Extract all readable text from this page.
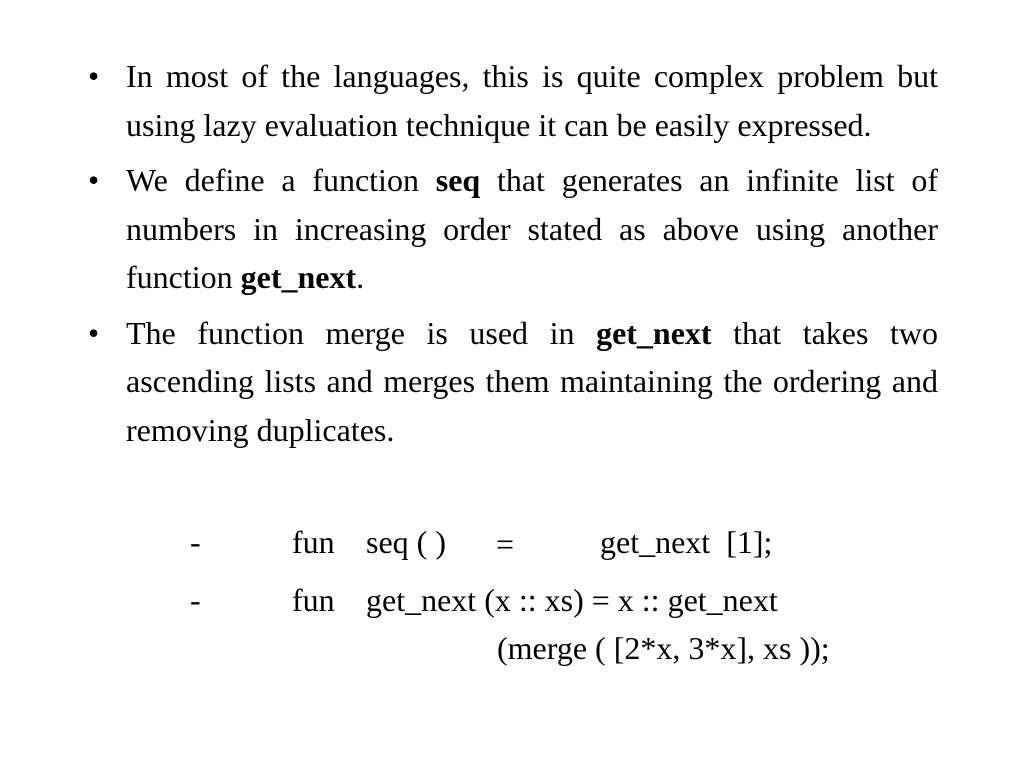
• In most of the languages, this is quite complex problem but using lazy evaluation technique it can be easily expressed.
• We define a function seq that generates an infinite list of numbers in increasing order stated as above using another function get_next.
• The function merge is used in get_next that takes two ascending lists and merges them maintaining the ordering and removing duplicates.
-	fun seq ( ) =	get_next  [1];
-	fun get_next (x :: xs) = x :: get_next
(merge ( [2*x, 3*x], xs ));
